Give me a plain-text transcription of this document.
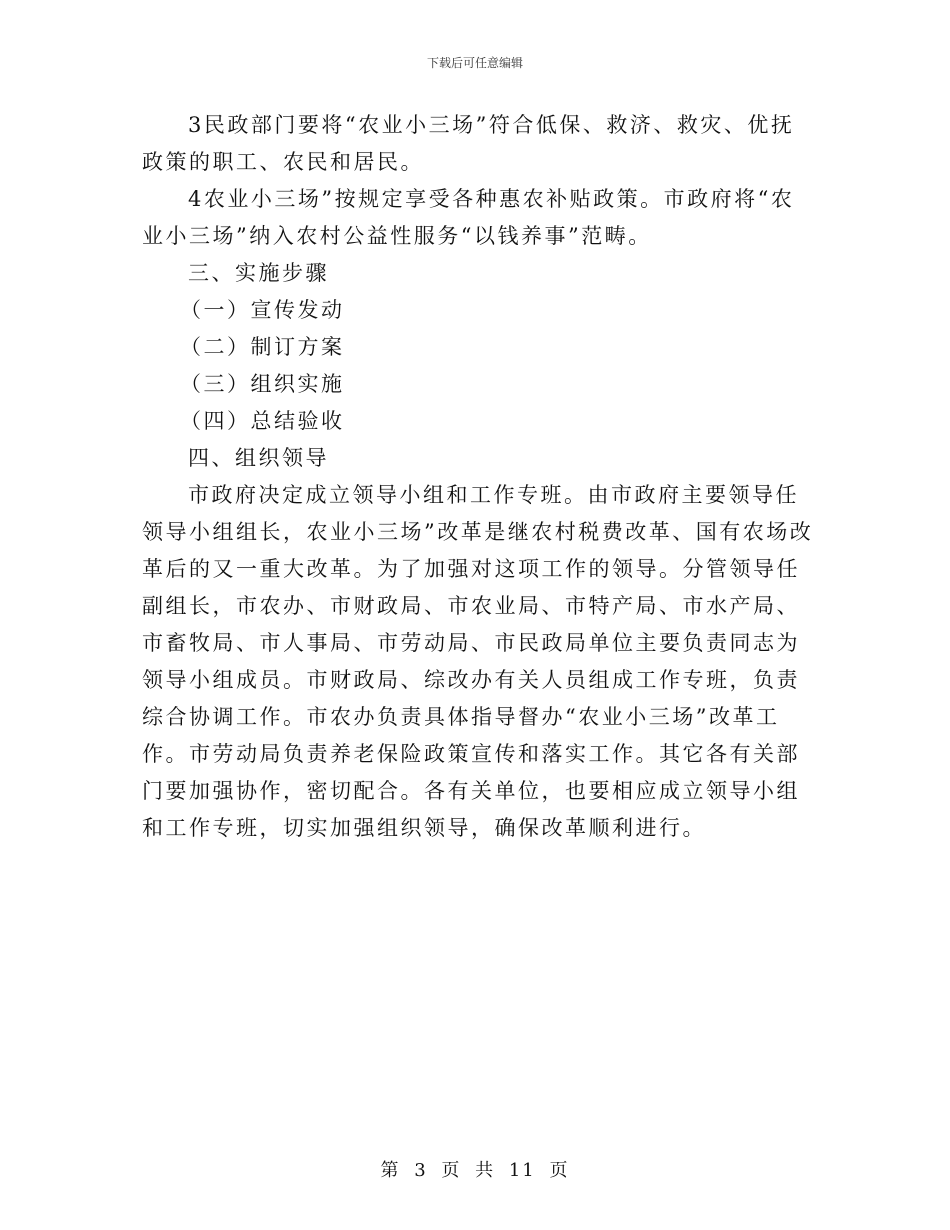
下载后可任意编辑

3民政部门要将“农业小三场”符合低保、救济、救灾、优抚政策的职工、农民和居民。

4农业小三场”按规定享受各种惠农补贴政策。市政府将“农业小三场”纳入农村公益性服务“以钱养事”范畴。

三、实施步骤

（一）宣传发动

（二）制订方案

（三）组织实施

（四）总结验收

四、组织领导

市政府决定成立领导小组和工作专班。由市政府主要领导任领导小组组长，农业小三场”改革是继农村税费改革、国有农场改革后的又一重大改革。为了加强对这项工作的领导。分管领导任副组长，市农办、市财政局、市农业局、市特产局、市水产局、市畜牧局、市人事局、市劳动局、市民政局单位主要负责同志为领导小组成员。市财政局、综改办有关人员组成工作专班，负责综合协调工作。市农办负责具体指导督办“农业小三场”改革工作。市劳动局负责养老保险政策宣传和落实工作。其它各有关部门要加强协作，密切配合。各有关单位，也要相应成立领导小组和工作专班，切实加强组织领导，确保改革顺利进行。

第 3 页 共 11 页
